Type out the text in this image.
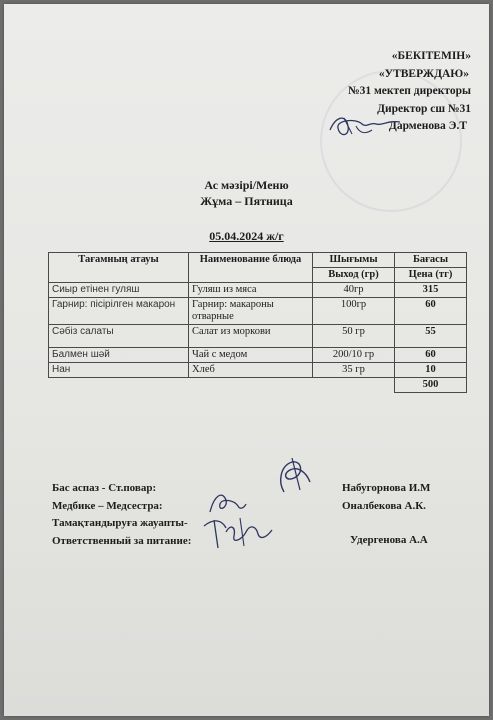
«БЕКІТЕМІН»
«УТВЕРЖДАЮ»
№31 мектеп директоры
Директор сш №31
Дарменова Э.Т
Ас мәзірі/Меню
Жұма – Пятница
05.04.2024 ж/г
Тағамның атауы	Наименование блюда	Шығымы	Бағасы
		Выход (гр)	Цена (тг)
Сиыр етінен гуляш	Гуляш из мяса	40гр	315
Гарнир: пісірілген макарон	Гарнир: макароны отварные	100гр	60
Сәбіз салаты	Салат из моркови	50 гр	55
Балмен шәй	Чай с медом	200/10 гр	60
Нан	Хлеб	35 гр	10
			500
Бас аспаз - Ст.повар:
Медбике – Медсестра:
Тамақтандыруға жауапты-
Ответственный за питание:
Набугорнова И.М
Оналбекова А.К.
Удергенова А.А
